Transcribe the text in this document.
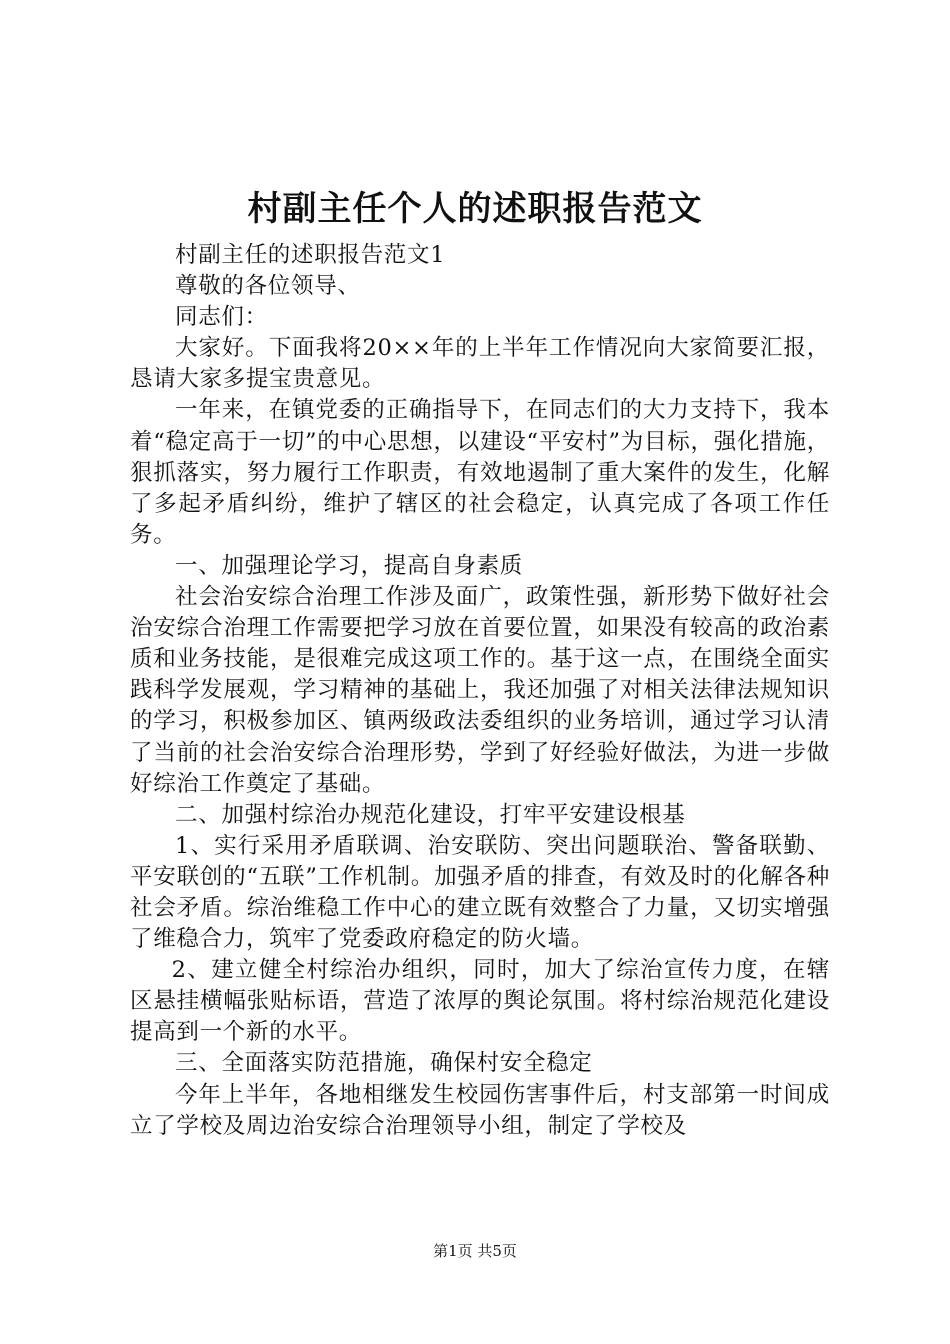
村副主任个人的述职报告范文

村副主任的述职报告范文1

尊敬的各位领导、

同志们：

大家好。下面我将20××年的上半年工作情况向大家简要汇报，恳请大家多提宝贵意见。

一年来，在镇党委的正确指导下，在同志们的大力支持下，我本着“稳定高于一切”的中心思想，以建设“平安村”为目标，强化措施，狠抓落实，努力履行工作职责，有效地遏制了重大案件的发生，化解了多起矛盾纠纷，维护了辖区的社会稳定，认真完成了各项工作任务。

一、加强理论学习，提高自身素质

社会治安综合治理工作涉及面广，政策性强，新形势下做好社会治安综合治理工作需要把学习放在首要位置，如果没有较高的政治素质和业务技能，是很难完成这项工作的。基于这一点，在围绕全面实践科学发展观，学习精神的基础上，我还加强了对相关法律法规知识的学习，积极参加区、镇两级政法委组织的业务培训，通过学习认清了当前的社会治安综合治理形势，学到了好经验好做法，为进一步做好综治工作奠定了基础。

二、加强村综治办规范化建设，打牢平安建设根基

1、实行采用矛盾联调、治安联防、突出问题联治、警备联勤、平安联创的“五联”工作机制。加强矛盾的排查，有效及时的化解各种社会矛盾。综治维稳工作中心的建立既有效整合了力量，又切实增强了维稳合力，筑牢了党委政府稳定的防火墙。

2、建立健全村综治办组织，同时，加大了综治宣传力度，在辖区悬挂横幅张贴标语，营造了浓厚的舆论氛围。将村综治规范化建设提高到一个新的水平。

三、全面落实防范措施，确保村安全稳定

今年上半年，各地相继发生校园伤害事件后，村支部第一时间成立了学校及周边治安综合治理领导小组，制定了学校及

第1页 共5页
